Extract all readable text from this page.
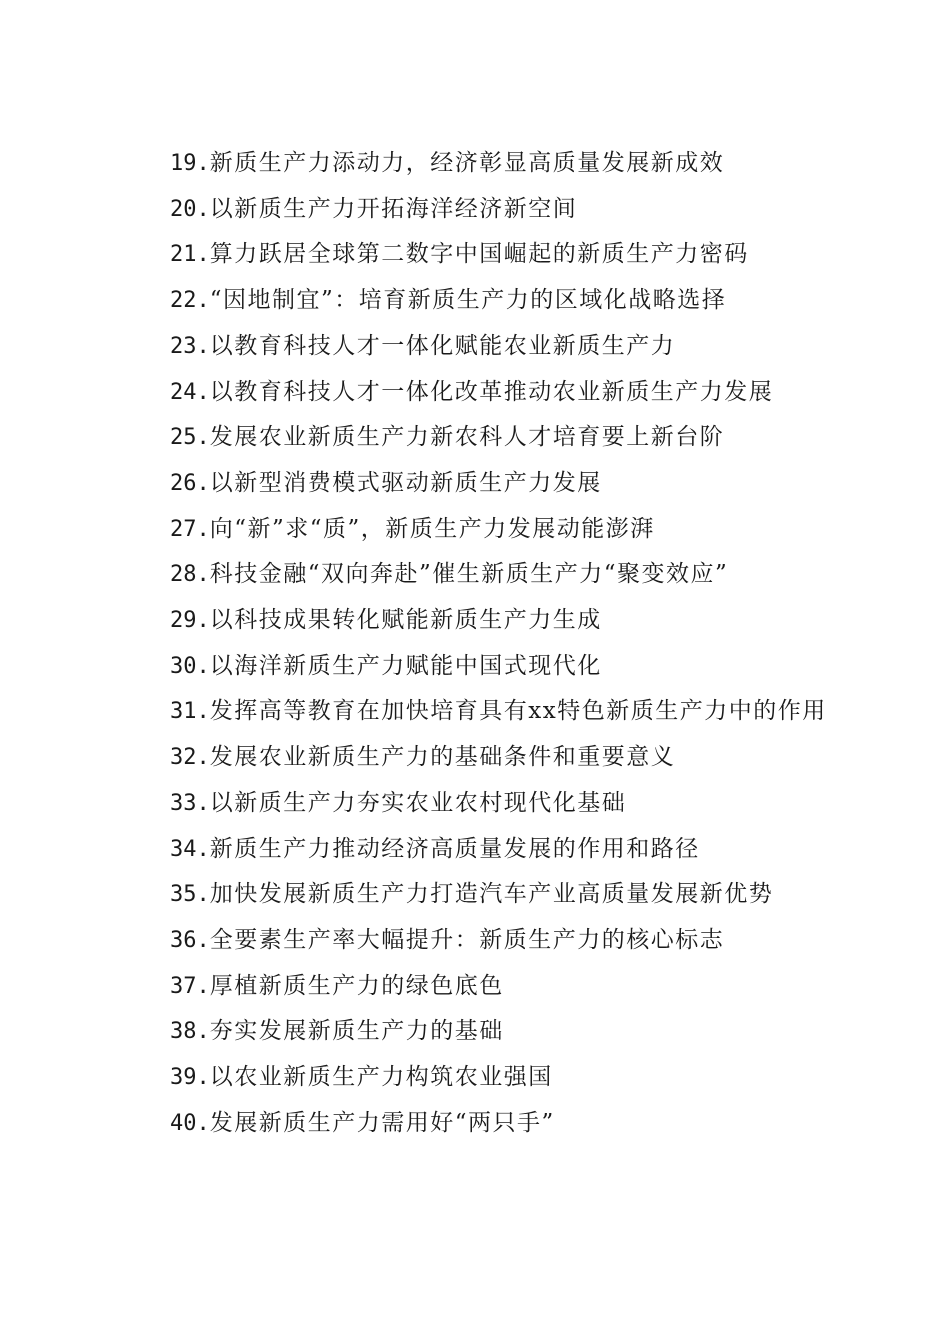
19.新质生产力添动力，经济彰显高质量发展新成效

20.以新质生产力开拓海洋经济新空间

21.算力跃居全球第二数字中国崛起的新质生产力密码

22.“因地制宜”：培育新质生产力的区域化战略选择

23.以教育科技人才一体化赋能农业新质生产力

24.以教育科技人才一体化改革推动农业新质生产力发展

25.发展农业新质生产力新农科人才培育要上新台阶

26.以新型消费模式驱动新质生产力发展

27.向“新”求“质”，新质生产力发展动能澎湃

28.科技金融“双向奔赴”催生新质生产力“聚变效应”

29.以科技成果转化赋能新质生产力生成

30.以海洋新质生产力赋能中国式现代化

31.发挥高等教育在加快培育具有xx特色新质生产力中的作用

32.发展农业新质生产力的基础条件和重要意义

33.以新质生产力夯实农业农村现代化基础

34.新质生产力推动经济高质量发展的作用和路径

35.加快发展新质生产力打造汽车产业高质量发展新优势

36.全要素生产率大幅提升：新质生产力的核心标志

37.厚植新质生产力的绿色底色

38.夯实发展新质生产力的基础

39.以农业新质生产力构筑农业强国

40.发展新质生产力需用好“两只手”
